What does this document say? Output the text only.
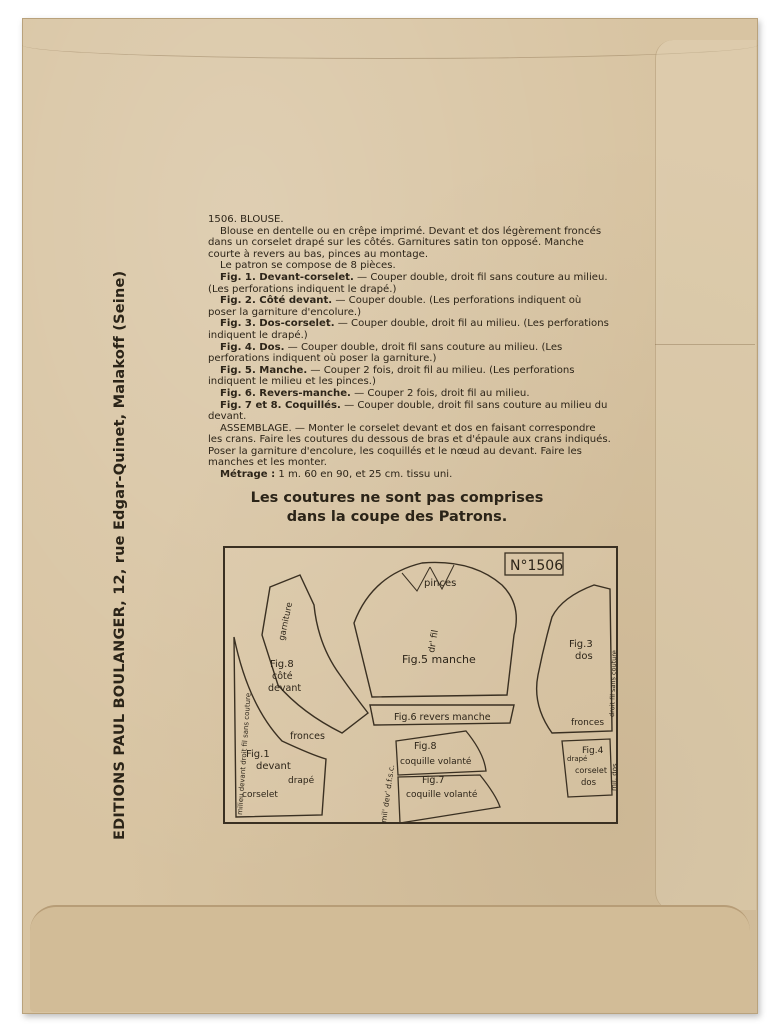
EDITIONS PAUL BOULANGER, 12, rue Edgar-Quinet, Malakoff (Seine)

1506. BLOUSE.

Blouse en dentelle ou en crêpe imprimé. Devant et dos légèrement froncés dans un corselet drapé sur les côtés. Garnitures satin ton opposé. Manche courte à revers au bas, pinces au montage.

Le patron se compose de 8 pièces.

Fig. 1. Devant-corselet. — Couper double, droit fil sans couture au milieu. (Les perforations indiquent le drapé.)

Fig. 2. Côté devant. — Couper double. (Les perforations indiquent où poser la garniture d'encolure.)

Fig. 3. Dos-corselet. — Couper double, droit fil au milieu. (Les perforations indiquent le drapé.)

Fig. 4. Dos. — Couper double, droit fil sans couture au milieu. (Les perforations indiquent où poser la garniture.)

Fig. 5. Manche. — Couper 2 fois, droit fil au milieu. (Les perforations indiquent le milieu et les pinces.)

Fig. 6. Revers-manche. — Couper 2 fois, droit fil au milieu.

Fig. 7 et 8. Coquillés. — Couper double, droit fil sans couture au milieu du devant.

ASSEMBLAGE. — Monter le corselet devant et dos en faisant correspondre les crans. Faire les coutures du dessous de bras et d'épaule aux crans indiqués. Poser la garniture d'encolure, les coquillés et le nœud au devant. Faire les manches et les monter.

Métrage : 1 m. 60 en 90, et 25 cm. tissu uni.

Les coutures ne sont pas comprises
dans la coupe des Patrons.
N°1506
pinces
dr' fil
Fig.5 manche
Fig.6 revers manche
garniture
Fig.8
côté
devant
fronces
milieu devant droit fil sans couture
Fig.1
devant
drapé
corselet
Fig.8
coquille volanté
Fig.7
coquille volanté
mil' dev' d.f.s.c.
Fig.3
dos
fronces
droit fil sans couture
Fig.4
drapé
corselet
dos mil. dos
